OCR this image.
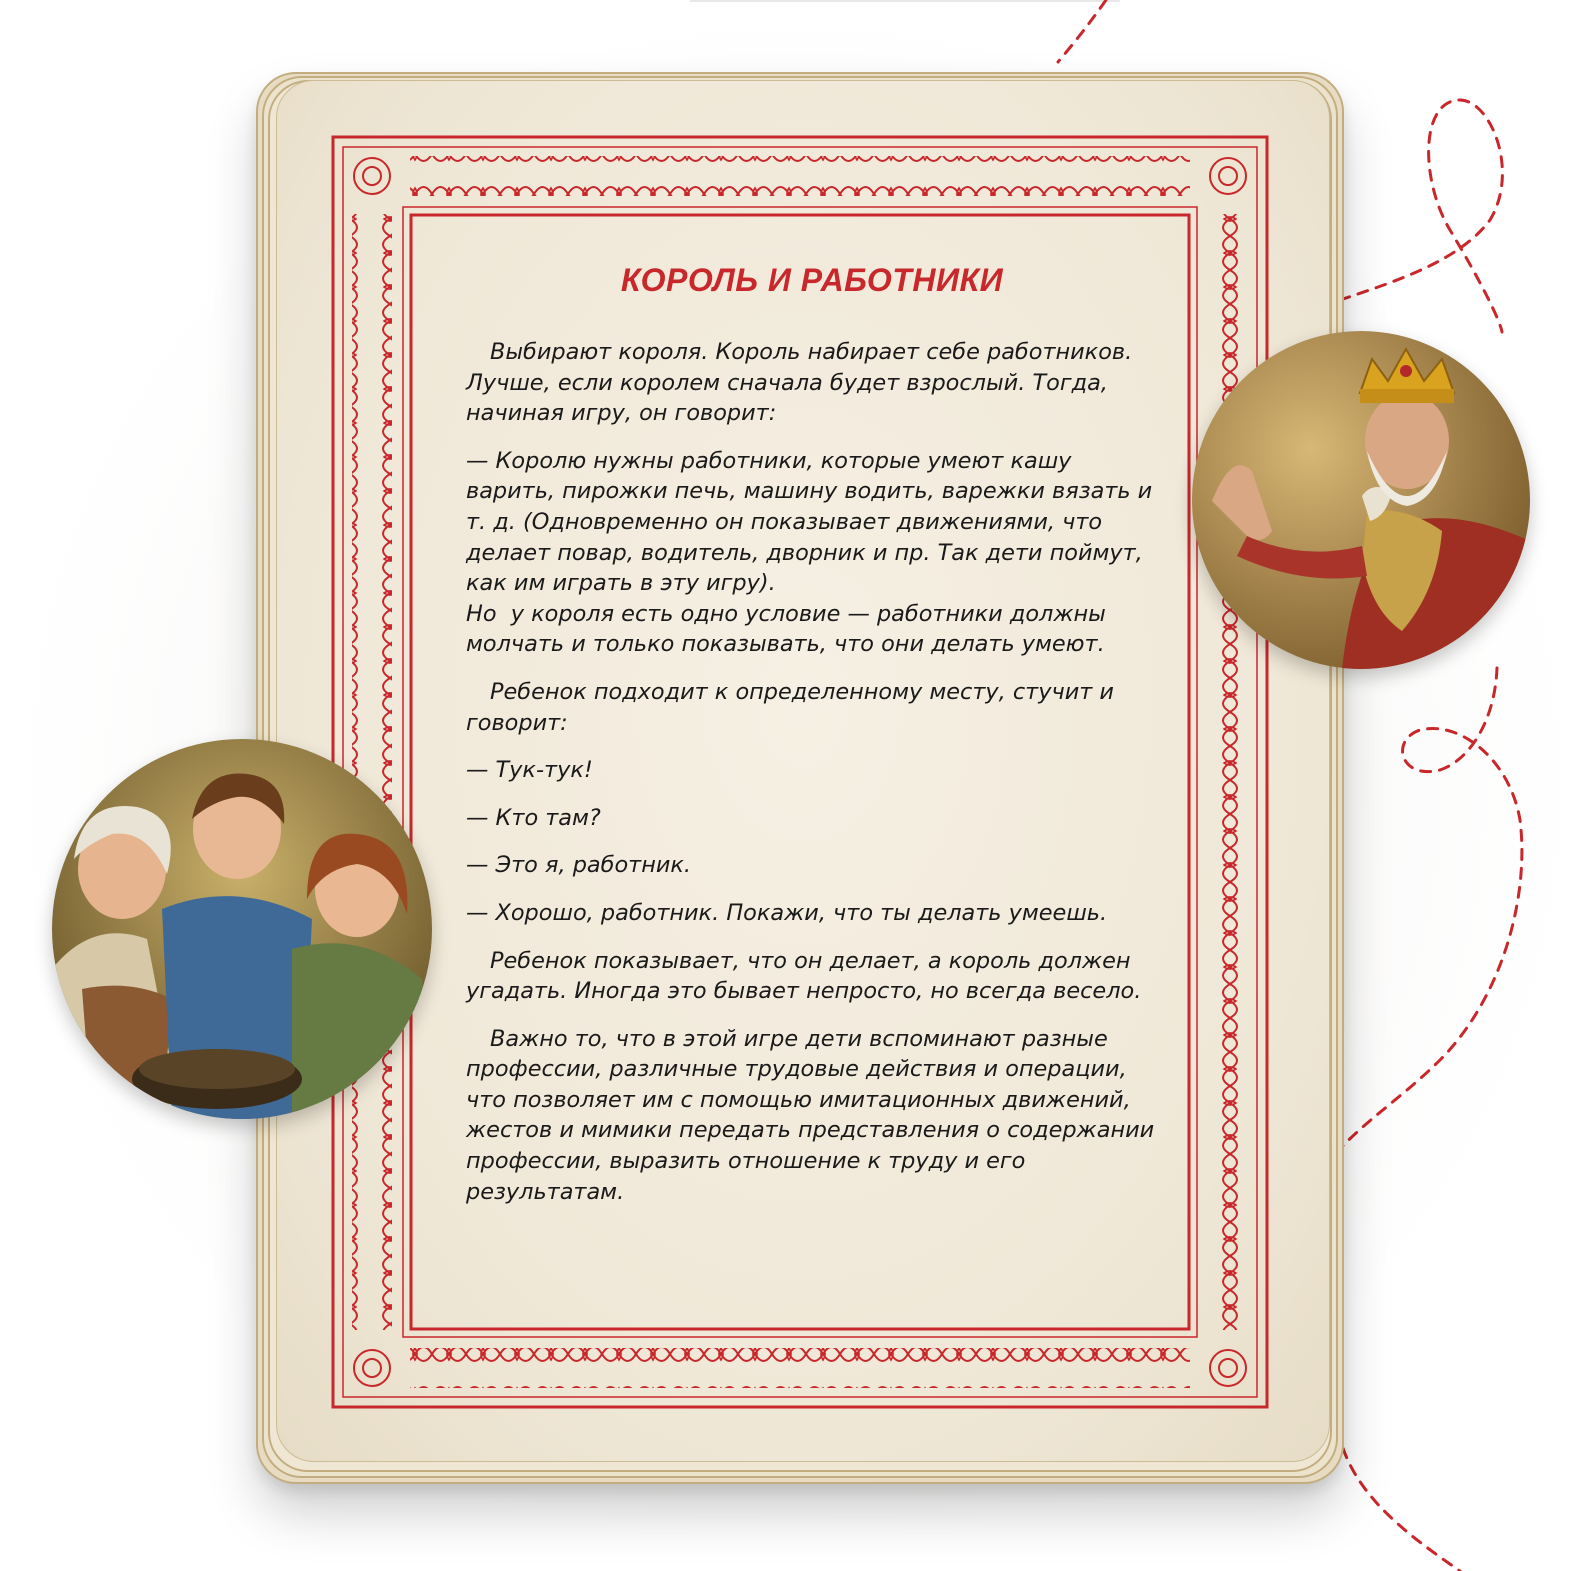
КОРОЛЬ И РАБОТНИКИ

Выбирают короля. Король набирает себе работников. Лучше, если королем сначала будет взрослый. Тогда, начиная игру, он говорит:

— Королю нужны работники, которые умеют кашу варить, пирожки печь, машину водить, варежки вязать и т. д. (Одновременно он показывает движениями, что делает повар, водитель, дворник и пр. Так дети поймут, как им играть в эту игру).
Но  у короля есть одно условие — работники должны молчать и только показывать, что они делать умеют.

Ребенок подходит к определенному месту, стучит и говорит:

— Тук-тук!

— Кто там?

— Это я, работник.

— Хорошо, работник. Покажи, что ты делать умеешь.

Ребенок показывает, что он делает, а король должен угадать. Иногда это бывает непросто, но всегда весело.

Важно то, что в этой игре дети вспоминают разные профессии, различные трудовые действия и операции, что позволяет им с помощью имитационных движений, жестов и мимики передать представления о содержании профессии, выразить отношение к труду и его результатам.
